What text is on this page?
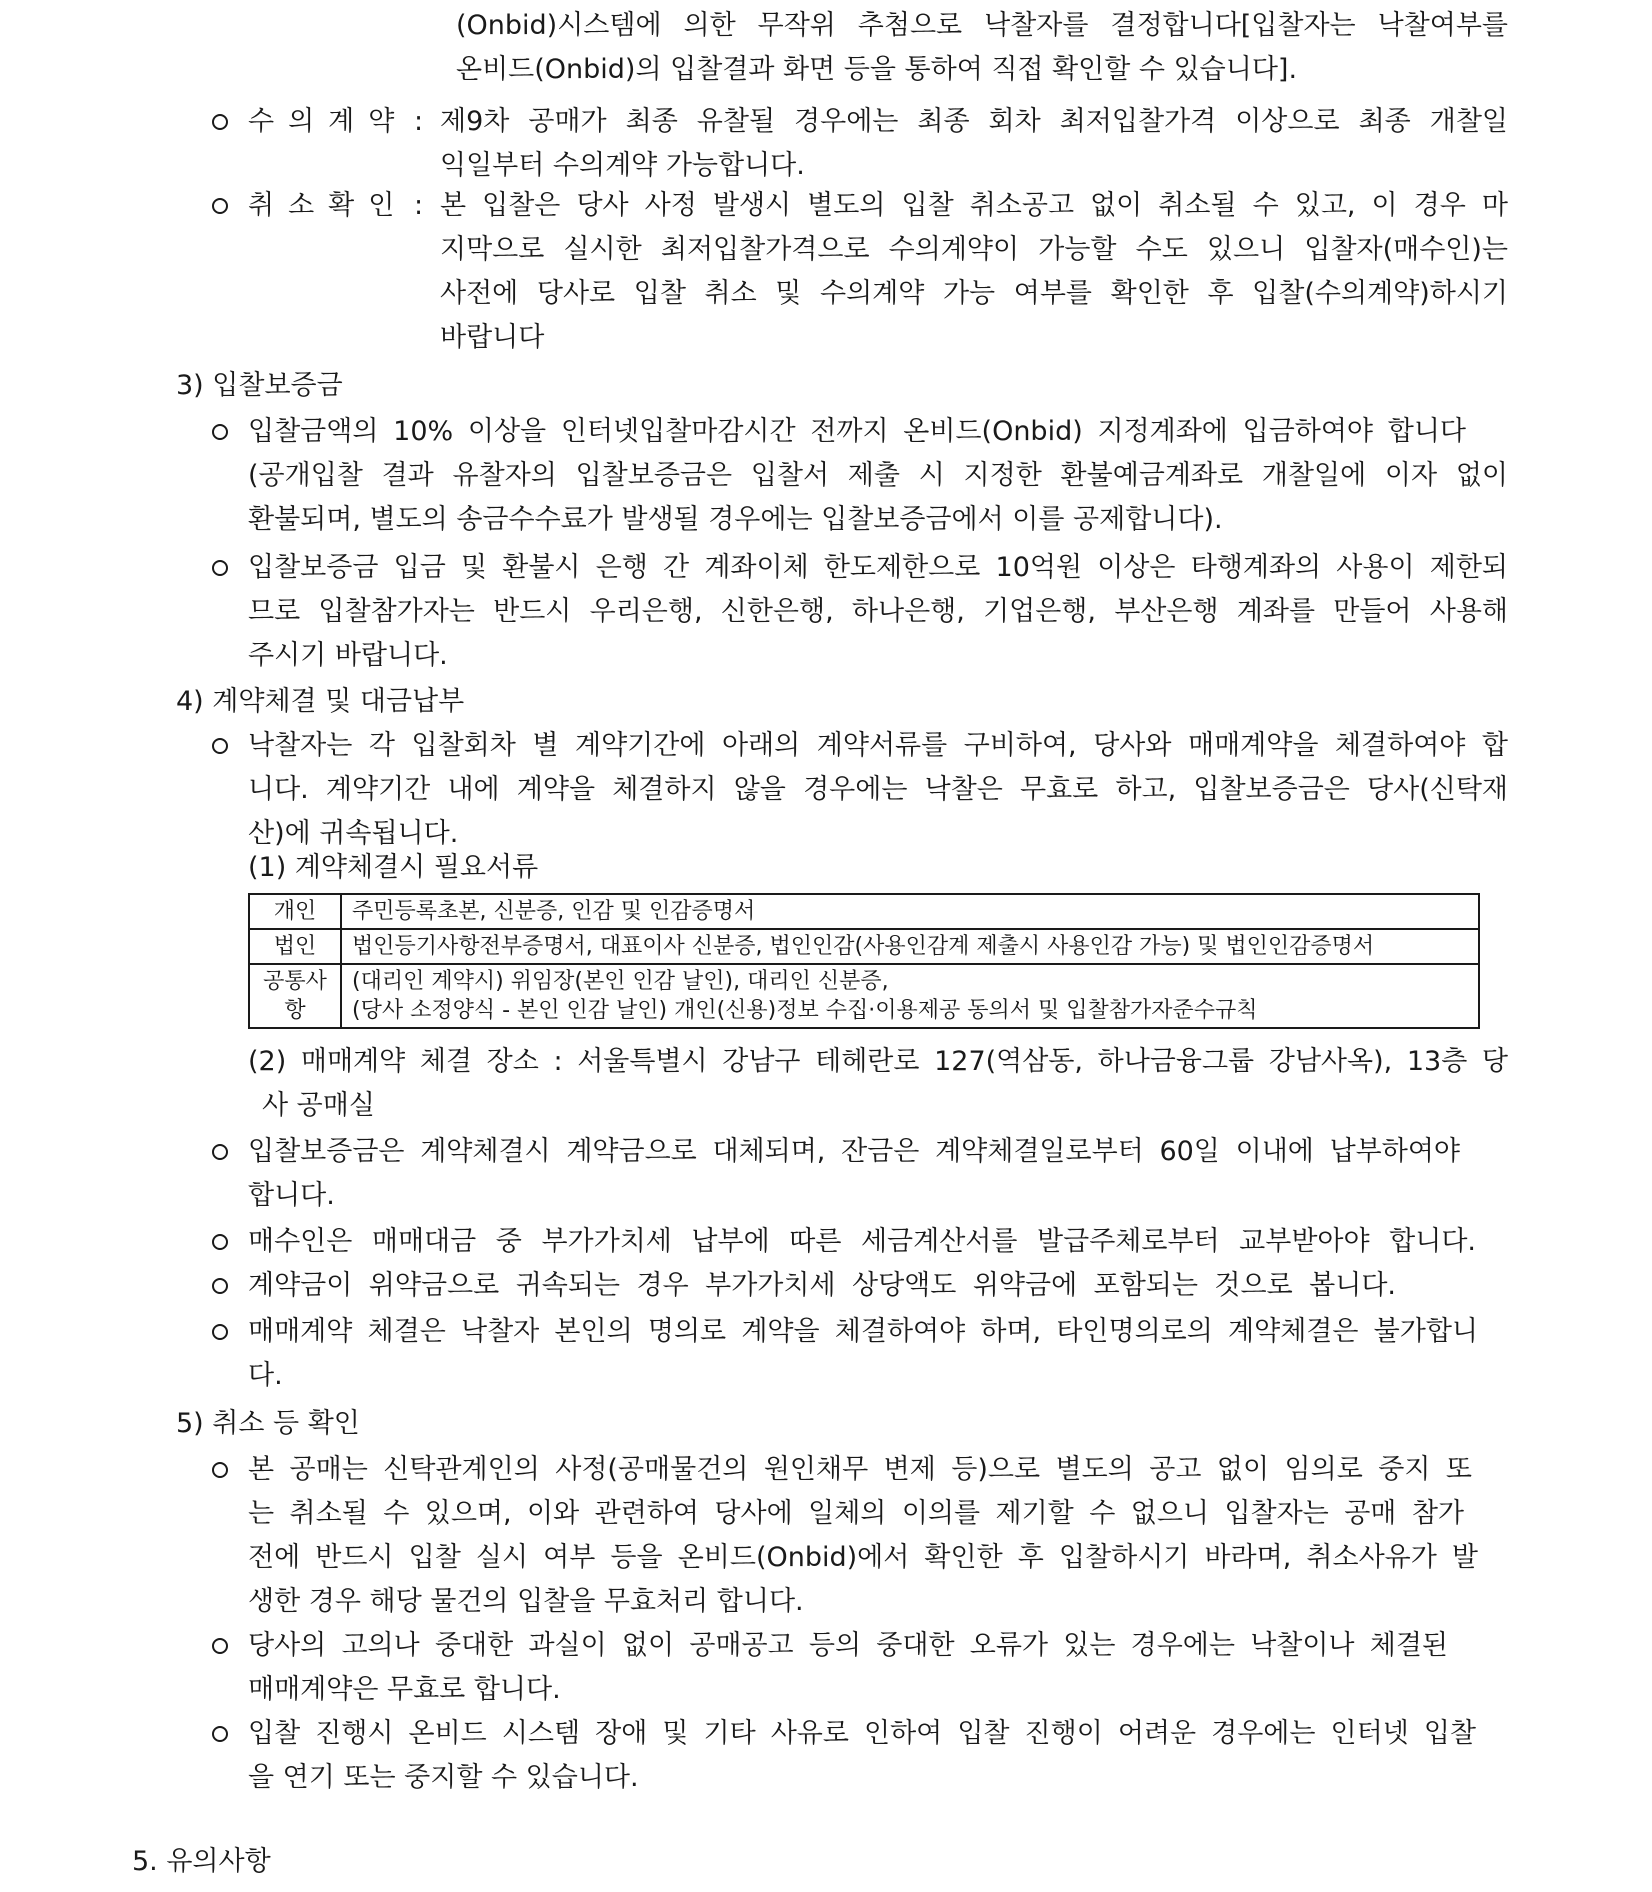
(Onbid)시스템에 의한 무작위 추첨으로 낙찰자를 결정합니다[입찰자는 낙찰여부를
온비드(Onbid)의 입찰결과 화면 등을 통하여 직접 확인할 수 있습니다].
수의계약 : 제9차 공매가 최종 유찰될 경우에는 최종 회차 최저입찰가격 이상으로 최종 개찰일
익일부터 수의계약 가능합니다.
취소확인 : 본 입찰은 당사 사정 발생시 별도의 입찰 취소공고 없이 취소될 수 있고, 이 경우 마
지막으로 실시한 최저입찰가격으로 수의계약이 가능할 수도 있으니 입찰자(매수인)는
사전에 당사로 입찰 취소 및 수의계약 가능 여부를 확인한 후 입찰(수의계약)하시기
바랍니다
3) 입찰보증금
입찰금액의 10% 이상을 인터넷입찰마감시간 전까지 온비드(Onbid) 지정계좌에 입금하여야 합니다
(공개입찰 결과 유찰자의 입찰보증금은 입찰서 제출 시 지정한 환불예금계좌로 개찰일에 이자 없이
환불되며, 별도의 송금수수료가 발생될 경우에는 입찰보증금에서 이를 공제합니다).
입찰보증금 입금 및 환불시 은행 간 계좌이체 한도제한으로 10억원 이상은 타행계좌의 사용이 제한되
므로 입찰참가자는 반드시 우리은행, 신한은행, 하나은행, 기업은행, 부산은행 계좌를 만들어 사용해
주시기 바랍니다.
4) 계약체결 및 대금납부
낙찰자는 각 입찰회차 별 계약기간에 아래의 계약서류를 구비하여, 당사와 매매계약을 체결하여야 합
니다. 계약기간 내에 계약을 체결하지 않을 경우에는 낙찰은 무효로 하고, 입찰보증금은 당사(신탁재
산)에 귀속됩니다.
(1) 계약체결시 필요서류
개인	주민등록초본, 신분증, 인감 및 인감증명서
법인	법인등기사항전부증명서, 대표이사 신분증, 법인인감(사용인감계 제출시 사용인감 가능) 및 법인인감증명서
공통사항	(대리인 계약시) 위임장(본인 인감 날인), 대리인 신분증,
(당사 소정양식 - 본인 인감 날인) 개인(신용)정보 수집·이용제공 동의서 및 입찰참가자준수규칙
(2) 매매계약 체결 장소 : 서울특별시 강남구 테헤란로 127(역삼동, 하나금융그룹 강남사옥), 13층 당
사 공매실
입찰보증금은 계약체결시 계약금으로 대체되며, 잔금은 계약체결일로부터 60일 이내에 납부하여야
합니다.
매수인은 매매대금 중 부가가치세 납부에 따른 세금계산서를 발급주체로부터 교부받아야 합니다.
계약금이 위약금으로 귀속되는 경우 부가가치세 상당액도 위약금에 포함되는 것으로 봅니다.
매매계약 체결은 낙찰자 본인의 명의로 계약을 체결하여야 하며, 타인명의로의 계약체결은 불가합니
다.
5) 취소 등 확인
본 공매는 신탁관계인의 사정(공매물건의 원인채무 변제 등)으로 별도의 공고 없이 임의로 중지 또
는 취소될 수 있으며, 이와 관련하여 당사에 일체의 이의를 제기할 수 없으니 입찰자는 공매 참가
전에 반드시 입찰 실시 여부 등을 온비드(Onbid)에서 확인한 후 입찰하시기 바라며, 취소사유가 발
생한 경우 해당 물건의 입찰을 무효처리 합니다.
당사의 고의나 중대한 과실이 없이 공매공고 등의 중대한 오류가 있는 경우에는 낙찰이나 체결된
매매계약은 무효로 합니다.
입찰 진행시 온비드 시스템 장애 및 기타 사유로 인하여 입찰 진행이 어려운 경우에는 인터넷 입찰
을 연기 또는 중지할 수 있습니다.
5. 유의사항
